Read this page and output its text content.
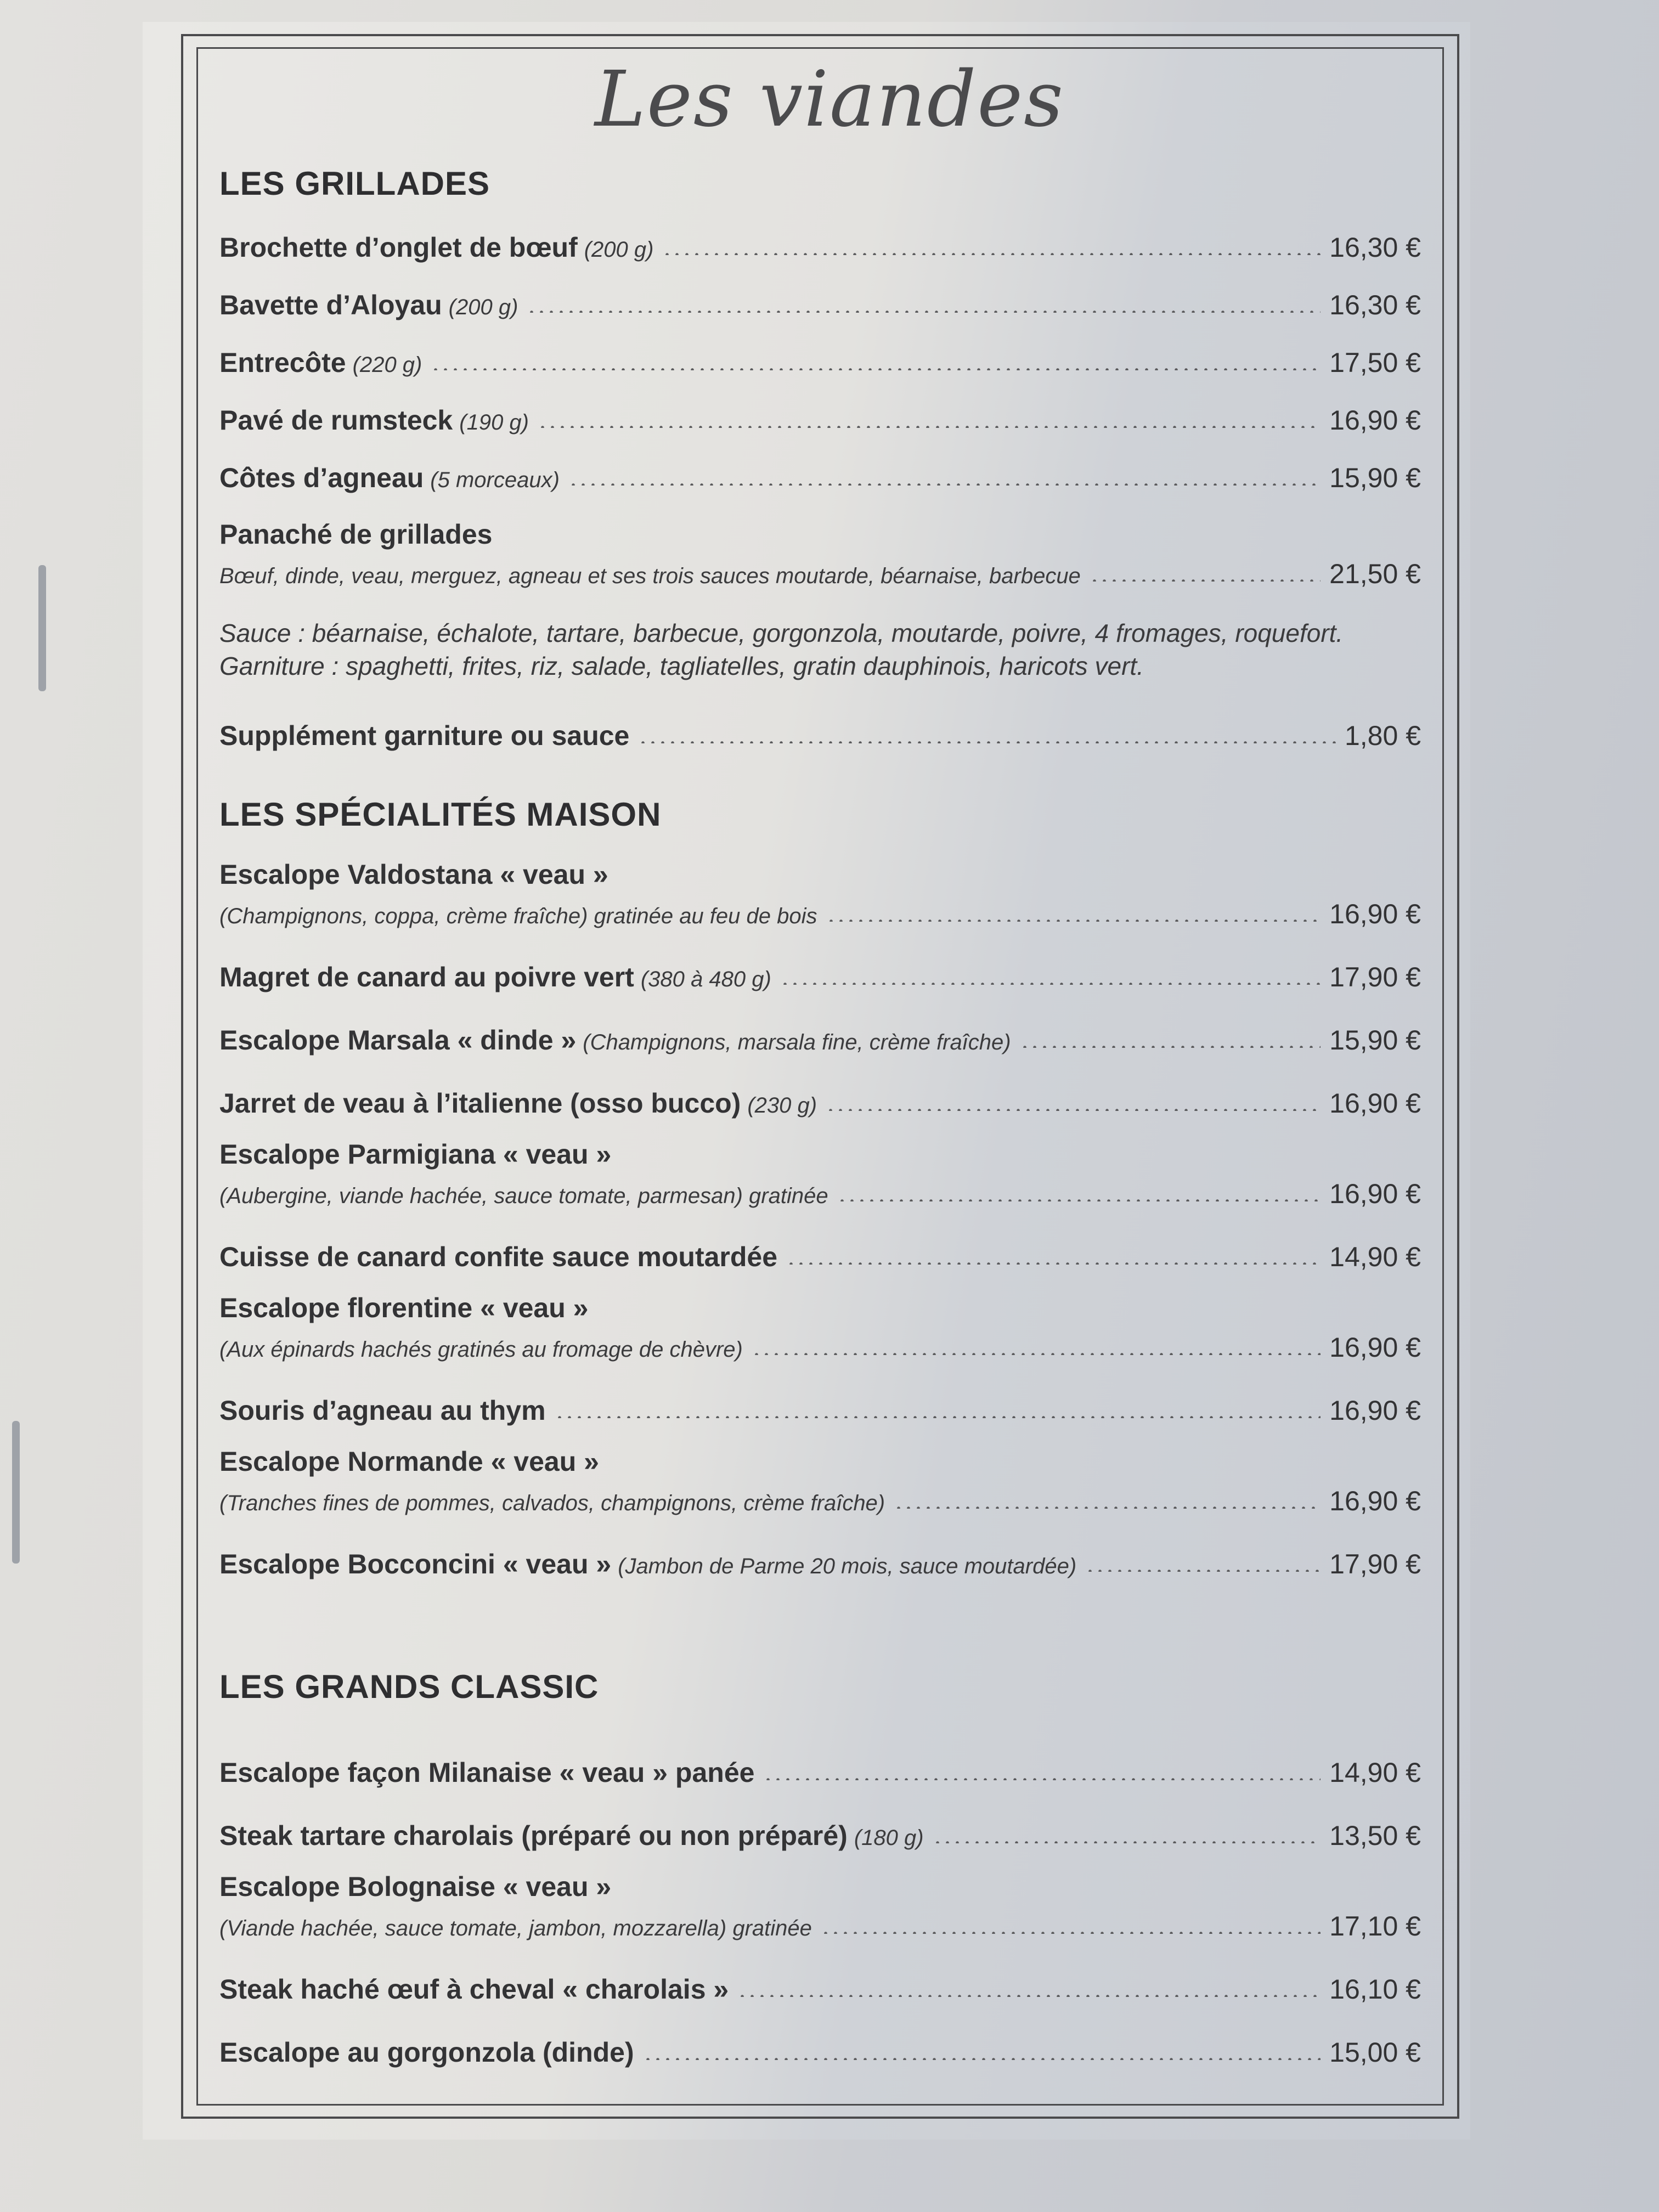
Les viandes
LES GRILLADES
Brochette d’onglet de bœuf (200 g)	16,30 €
Bavette d’Aloyau (200 g)	16,30 €
Entrecôte (220 g)	17,50 €
Pavé de rumsteck (190 g)	16,90 €
Côtes d’agneau (5 morceaux)	15,90 €
Panaché de grillades
Bœuf, dinde, veau, merguez, agneau et ses trois sauces moutarde, béarnaise, barbecue	21,50 €
Sauce : béarnaise, échalote, tartare, barbecue, gorgonzola, moutarde, poivre, 4 fromages, roquefort.
Garniture : spaghetti, frites, riz, salade, tagliatelles, gratin dauphinois, haricots vert.
Supplément garniture ou sauce	1,80 €
LES SPÉCIALITÉS MAISON
Escalope Valdostana « veau »
(Champignons, coppa, crème fraîche) gratinée au feu de bois	16,90 €
Magret de canard au poivre vert (380 à 480 g)	17,90 €
Escalope Marsala « dinde » (Champignons, marsala fine, crème fraîche)	15,90 €
Jarret de veau à l’italienne (osso bucco) (230 g)	16,90 €
Escalope Parmigiana « veau »
(Aubergine, viande hachée, sauce tomate, parmesan) gratinée	16,90 €
Cuisse de canard confite sauce moutardée	14,90 €
Escalope florentine « veau »
(Aux épinards hachés gratinés au fromage de chèvre)	16,90 €
Souris d’agneau au thym	16,90 €
Escalope Normande « veau »
(Tranches fines de pommes, calvados, champignons, crème fraîche)	16,90 €
Escalope Bocconcini « veau » (Jambon de Parme 20 mois, sauce moutardée)	17,90 €
LES GRANDS CLASSIC
Escalope façon Milanaise « veau » panée	14,90 €
Steak tartare charolais (préparé ou non préparé) (180 g)	13,50 €
Escalope Bolognaise « veau »
(Viande hachée, sauce tomate, jambon, mozzarella) gratinée	17,10 €
Steak haché œuf à cheval « charolais »	16,10 €
Escalope au gorgonzola (dinde)	15,00 €
